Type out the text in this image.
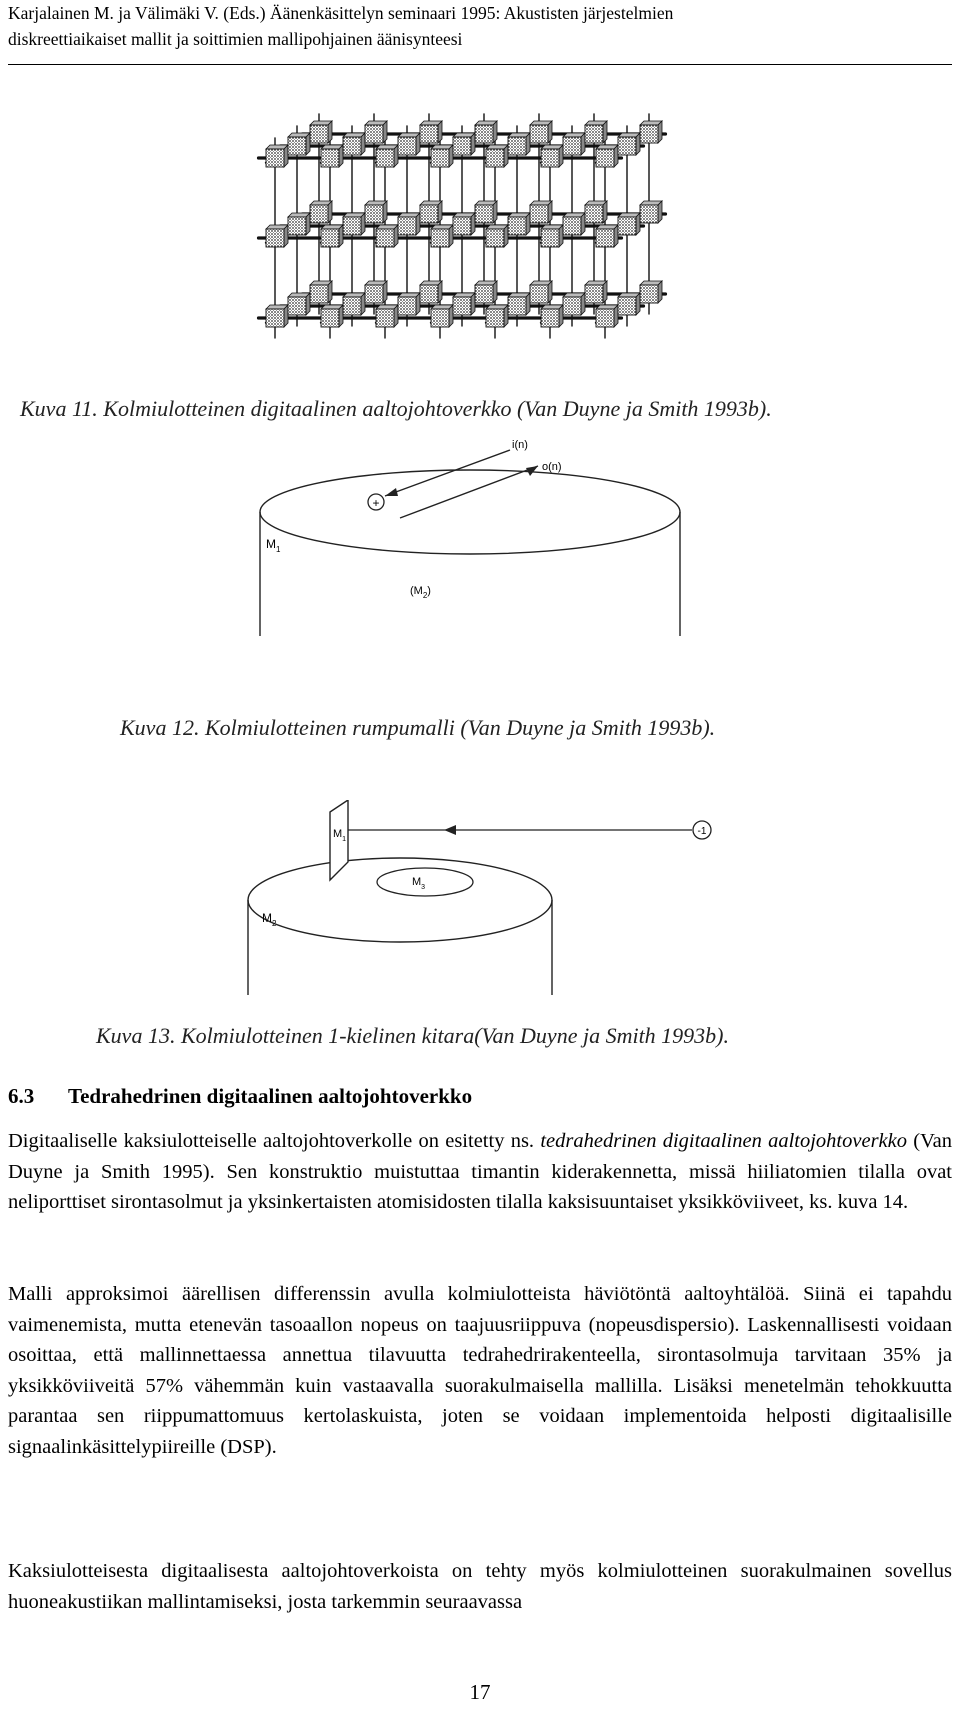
Karjalainen M. ja Välimäki V. (Eds.) Äänenkäsittelyn seminaari 1995: Akustisten järjestelmien
diskreettiaikaiset mallit ja soittimien mallipohjainen äänisynteesi
Kuva 11. Kolmiulotteinen digitaalinen aaltojohtoverkko (Van Duyne ja Smith 1993b).
+
i(n)
o(n)
$M_1$
$(M_2)$
Kuva 12. Kolmiulotteinen rumpumalli (Van Duyne ja Smith 1993b).
-1
$M_1$
$M_3$
$M_2$
Kuva 13. Kolmiulotteinen 1-kielinen kitara(Van Duyne ja Smith 1993b).
6.3 Tedrahedrinen digitaalinen aaltojohtoverkko
Digitaaliselle kaksiulotteiselle aaltojohtoverkolle on esitetty ns. tedrahedrinen digitaalinen aaltojohtoverkko (Van Duyne ja Smith 1995). Sen konstruktio muistuttaa timantin kiderakennetta, missä hiiliatomien tilalla ovat neliporttiset sirontasolmut ja yksinkertaisten atomisidosten tilalla kaksisuuntaiset yksikköviiveet, ks. kuva 14.
Malli approksimoi äärellisen differenssin avulla kolmiulotteista häviötöntä aaltoyhtälöä. Siinä ei tapahdu vaimenemista, mutta etenevän tasoaallon nopeus on taajuusriippuva (nopeusdispersio). Laskennallisesti voidaan osoittaa, että mallinnettaessa annettua tilavuutta tedrahedrirakenteella, sirontasolmuja tarvitaan 35% ja yksikköviiveitä 57% vähemmän kuin vastaavalla suorakulmaisella mallilla. Lisäksi menetelmän tehokkuutta parantaa sen riippumattomuus kertolaskuista, joten se voidaan implementoida helposti digitaalisille signaalinkäsittelypiireille (DSP).
Kaksiulotteisesta digitaalisesta aaltojohtoverkoista on tehty myös kolmiulotteinen suorakulmainen sovellus huoneakustiikan mallintamiseksi, josta tarkemmin seuraavassa
17
